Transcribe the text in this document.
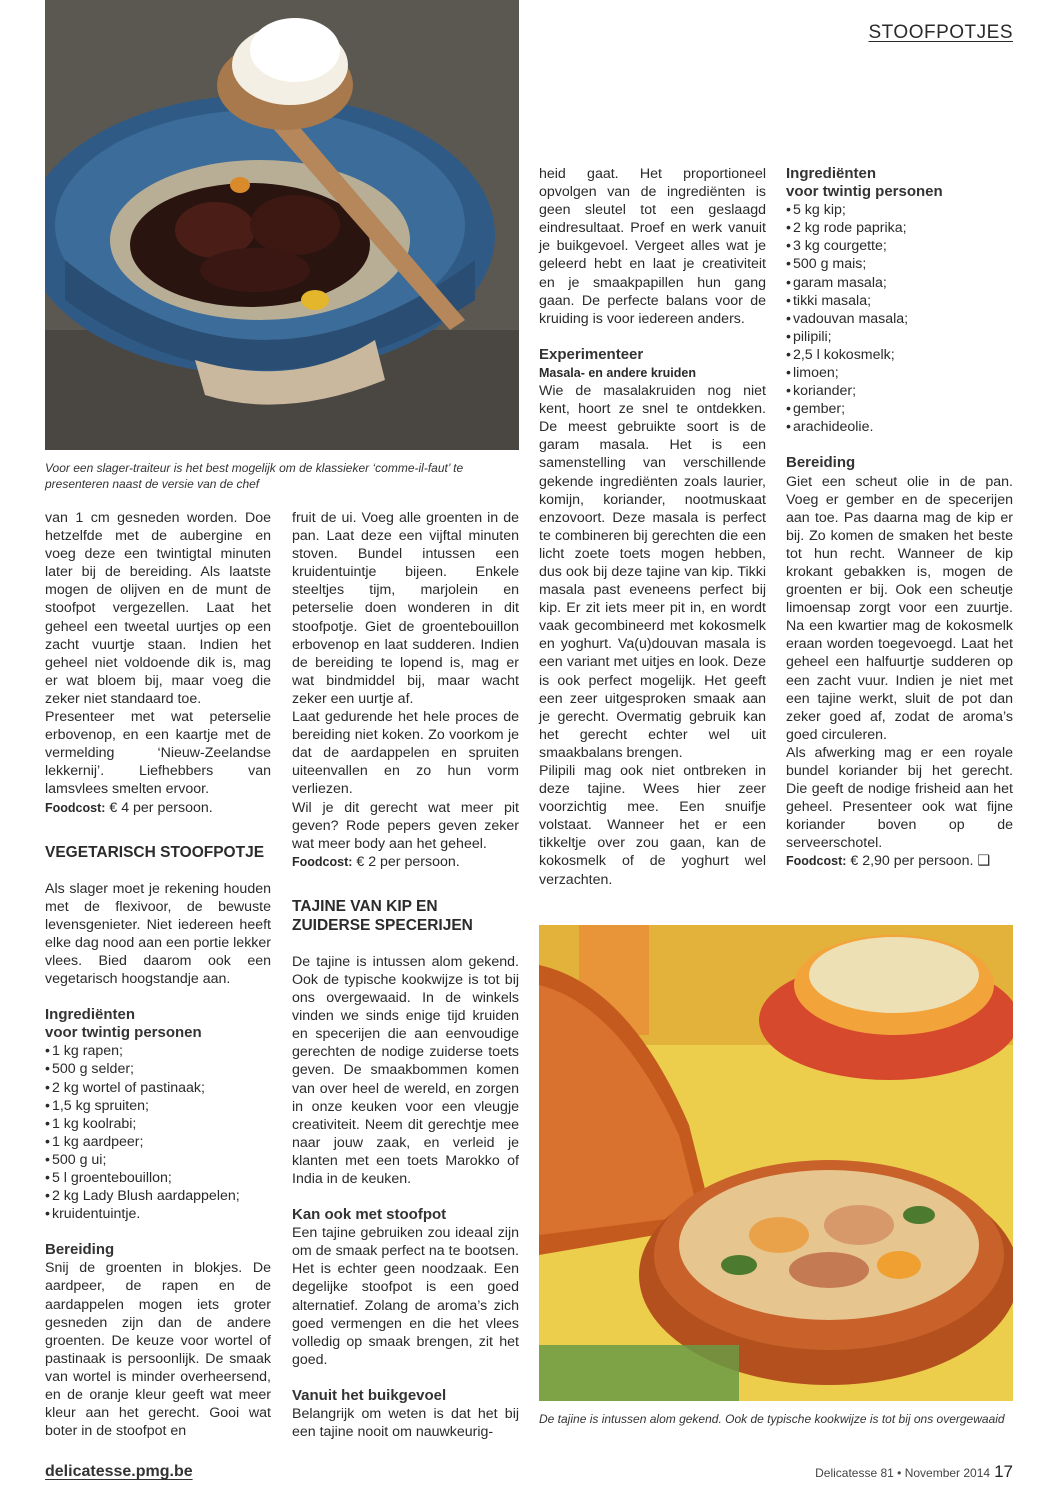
STOOFPOTJES
Voor een slager-traiteur is het best mogelijk om de klassieker ‘comme-il-faut’ te presenteren naast de versie van de chef

van 1 cm gesneden worden. Doe hetzelfde met de aubergine en voeg deze een twintigtal minuten later bij de bereiding. Als laatste mogen de olijven en de munt de stoofpot vergezellen. Laat het geheel een tweetal uurtjes op een zacht vuurtje staan. Indien het geheel niet voldoende dik is, mag er wat bloem bij, maar voeg die zeker niet standaard toe.

Presenteer met wat peterselie erbovenop, en een kaartje met de vermelding ‘Nieuw-Zeelandse lekkernij’. Liefhebbers van lamsvlees smelten ervoor.

Foodcost: € 4 per persoon.

VEGETARISCH STOOFPOTJE

Als slager moet je rekening houden met de flexivoor, de bewuste levensgenieter. Niet iedereen heeft elke dag nood aan een portie lekker vlees. Bied daarom ook een vegetarisch hoogstandje aan.

Ingrediënten
voor twintig personen
• 1 kg rapen;
• 500 g selder;
• 2 kg wortel of pastinaak;
• 1,5 kg spruiten;
• 1 kg koolrabi;
• 1 kg aardpeer;
• 500 g ui;
• 5 l groentebouillon;
• 2 kg Lady Blush aardappelen;
• kruidentuintje.
Bereiding

Snij de groenten in blokjes. De aardpeer, de rapen en de aardappelen mogen iets groter gesneden zijn dan de andere groenten. De keuze voor wortel of pastinaak is persoonlijk. De smaak van wortel is minder overheersend, en de oranje kleur geeft wat meer kleur aan het gerecht. Gooi wat boter in de stoofpot en

fruit de ui. Voeg alle groenten in de pan. Laat deze een vijftal minuten stoven. Bundel intussen een kruidentuintje bijeen. Enkele steeltjes tijm, marjolein en peterselie doen wonderen in dit stoofpotje. Giet de groentebouillon erbovenop en laat sudderen. Indien de bereiding te lopend is, mag er wat bindmiddel bij, maar wacht zeker een uurtje af.

Laat gedurende het hele proces de bereiding niet koken. Zo voorkom je dat de aardappelen en spruiten uiteenvallen en zo hun vorm verliezen.

Wil je dit gerecht wat meer pit geven? Rode pepers geven zeker wat meer body aan het geheel.

Foodcost: € 2 per persoon.

TAJINE VAN KIP EN
ZUIDERSE SPECERIJEN

De tajine is intussen alom gekend. Ook de typische kookwijze is tot bij ons overgewaaid. In de winkels vinden we sinds enige tijd kruiden en specerijen die aan eenvoudige gerechten de nodige zuiderse toets geven. De smaakbommen komen van over heel de wereld, en zorgen in onze keuken voor een vleugje creativiteit. Neem dit gerechtje mee naar jouw zaak, en verleid je klanten met een toets Marokko of India in de keuken.

Kan ook met stoofpot

Een tajine gebruiken zou ideaal zijn om de smaak perfect na te bootsen. Het is echter geen noodzaak. Een degelijke stoofpot is een goed alternatief. Zolang de aroma’s zich goed vermengen en die het vlees volledig op smaak brengen, zit het goed.

Vanuit het buikgevoel

Belangrijk om weten is dat het bij een tajine nooit om nauwkeurig-

heid gaat. Het proportioneel opvolgen van de ingrediënten is geen sleutel tot een geslaagd eindresultaat. Proef en werk vanuit je buikgevoel. Vergeet alles wat je geleerd hebt en laat je creativiteit en je smaakpapillen hun gang gaan. De perfecte balans voor de kruiding is voor iedereen anders.

Experimenteer
Masala- en andere kruiden

Wie de masalakruiden nog niet kent, hoort ze snel te ontdekken. De meest gebruikte soort is de garam masala. Het is een samenstelling van verschillende gekende ingrediënten zoals laurier, komijn, koriander, nootmuskaat enzovoort. Deze masala is perfect te combineren bij gerechten die een licht zoete toets mogen hebben, dus ook bij deze tajine van kip. Tikki masala past eveneens perfect bij kip. Er zit iets meer pit in, en wordt vaak gecombineerd met kokosmelk en yoghurt. Va(u)douvan masala is een variant met uitjes en look. Deze is ook perfect mogelijk. Het geeft een zeer uitgesproken smaak aan je gerecht. Overmatig gebruik kan het gerecht echter wel uit smaakbalans brengen.

Pilipili mag ook niet ontbreken in deze tajine. Wees hier zeer voorzichtig mee. Een snuifje volstaat. Wanneer het er een tikkeltje over zou gaan, kan de kokosmelk of de yoghurt wel verzachten.

Ingrediënten
voor twintig personen
• 5 kg kip;
• 2 kg rode paprika;
• 3 kg courgette;
• 500 g mais;
• garam masala;
• tikki masala;
• vadouvan masala;
• pilipili;
• 2,5 l kokosmelk;
• limoen;
• koriander;
• gember;
• arachideolie.
Bereiding

Giet een scheut olie in de pan. Voeg er gember en de specerijen aan toe. Pas daarna mag de kip er bij. Zo komen de smaken het beste tot hun recht. Wanneer de kip krokant gebakken is, mogen de groenten er bij. Ook een scheutje limoensap zorgt voor een zuurtje. Na een kwartier mag de kokosmelk eraan worden toegevoegd. Laat het geheel een halfuurtje sudderen op een zacht vuur. Indien je niet met een tajine werkt, sluit de pot dan zeker goed af, zodat de aroma’s goed circuleren.

Als afwerking mag er een royale bundel koriander bij het gerecht. Die geeft de nodige frisheid aan het geheel. Presenteer ook wat fijne koriander boven op de serveerschotel.

Foodcost: € 2,90 per persoon. ❑

De tajine is intussen alom gekend. Ook de typische kookwijze is tot bij ons overgewaaid
delicatesse.pmg.be	Delicatesse 81 • November 2014 17
